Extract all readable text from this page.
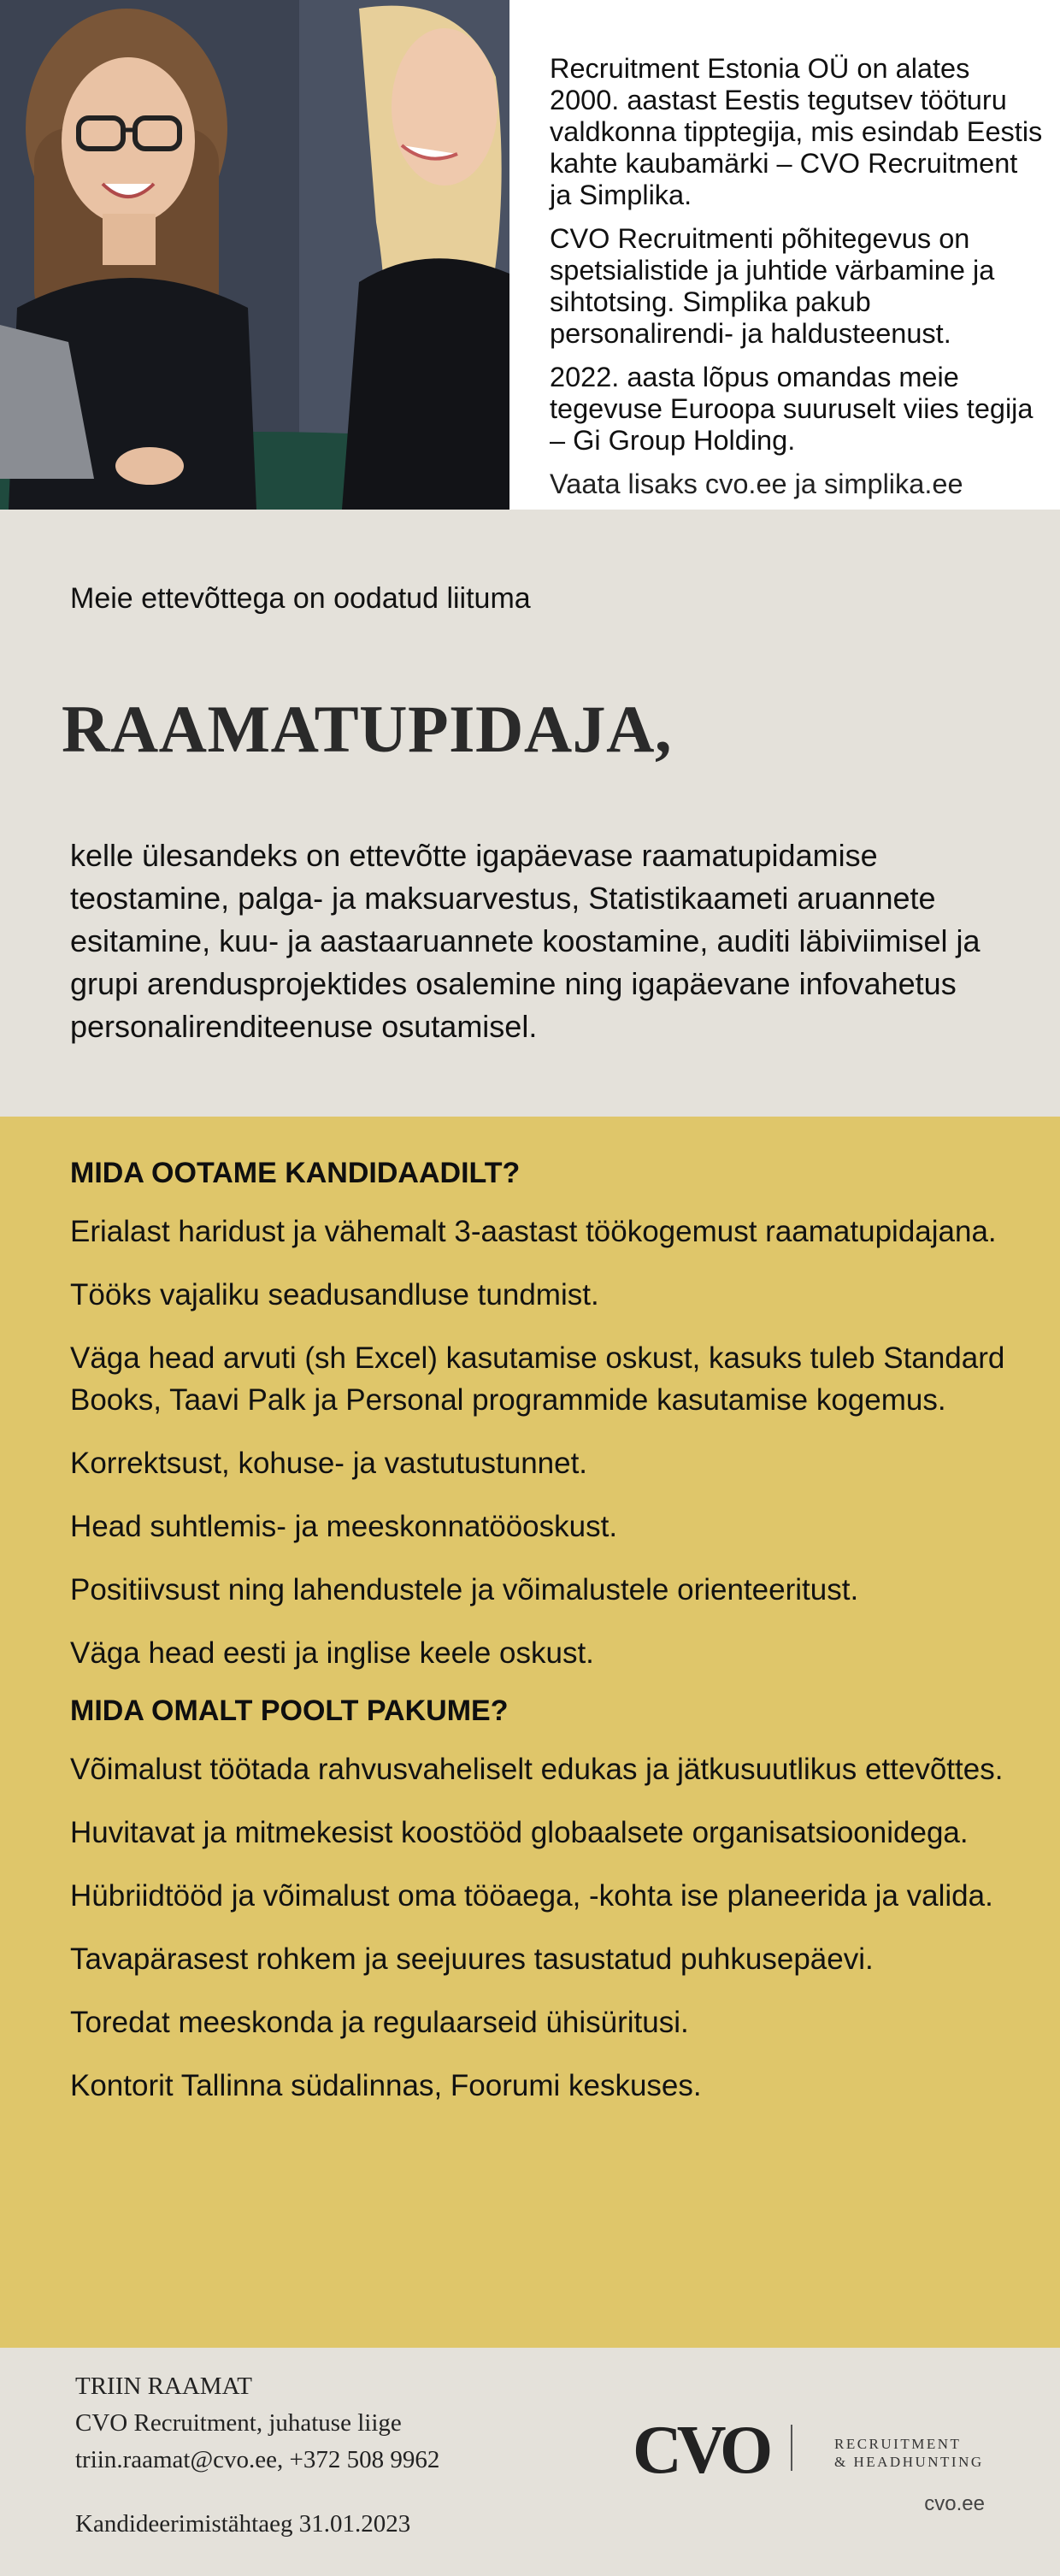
Recruitment Estonia OÜ on alates 2000. aastast Eestis tegutsev tööturu valdkonna tipptegija, mis esindab Eestis kahte kaubamärki – CVO Recruitment ja Simplika.

CVO Recruitmenti põhitegevus on spetsialistide ja juhtide värbamine ja sihtotsing. Simplika pakub personalirendi- ja haldusteenust.

2022. aasta lõpus omandas meie tegevuse Euroopa suuruselt viies tegija – Gi Group Holding.

Vaata lisaks cvo.ee ja simplika.ee

Meie ettevõttega on oodatud liituma
RAAMATUPIDAJA,

kelle ülesandeks on ettevõtte igapäevase raamatupidamise teostamine, palga- ja maksuarvestus, Statistikaameti aruannete esitamine, kuu- ja aastaaruannete koostamine, auditi läbiviimisel ja grupi arendusprojektides osalemine ning igapäevane infovahetus personalirenditeenuse osutamisel.

MIDA OOTAME KANDIDAADILT?

Erialast haridust ja vähemalt 3-aastast töökogemust raamatupidajana.

Tööks vajaliku seadusandluse tundmist.

Väga head arvuti (sh Excel) kasutamise oskust, kasuks tuleb Standard Books, Taavi Palk ja Personal programmide kasutamise kogemus.

Korrektsust, kohuse- ja vastutustunnet.

Head suhtlemis- ja meeskonnatööoskust.

Positiivsust ning lahendustele ja võimalustele orienteeritust.

Väga head eesti ja inglise keele oskust.

MIDA OMALT POOLT PAKUME?

Võimalust töötada rahvusvaheliselt edukas ja jätkusuutlikus ettevõttes.

Huvitavat ja mitmekesist koostööd globaalsete organisatsioonidega.

Hübriidtööd ja võimalust oma tööaega, -kohta ise planeerida ja valida.

Tavapärasest rohkem ja seejuures tasustatud puhkusepäevi.

Toredat meeskonda ja regulaarseid ühisüritusi.

Kontorit Tallinna südalinnas, Foorumi keskuses.

TRIIN RAAMAT
CVO Recruitment, juhatuse liige
triin.raamat@cvo.ee, +372 508 9962
Kandideerimistähtaeg 31.01.2023
CVO	RECRUITMENT
& HEADHUNTING
cvo.ee
